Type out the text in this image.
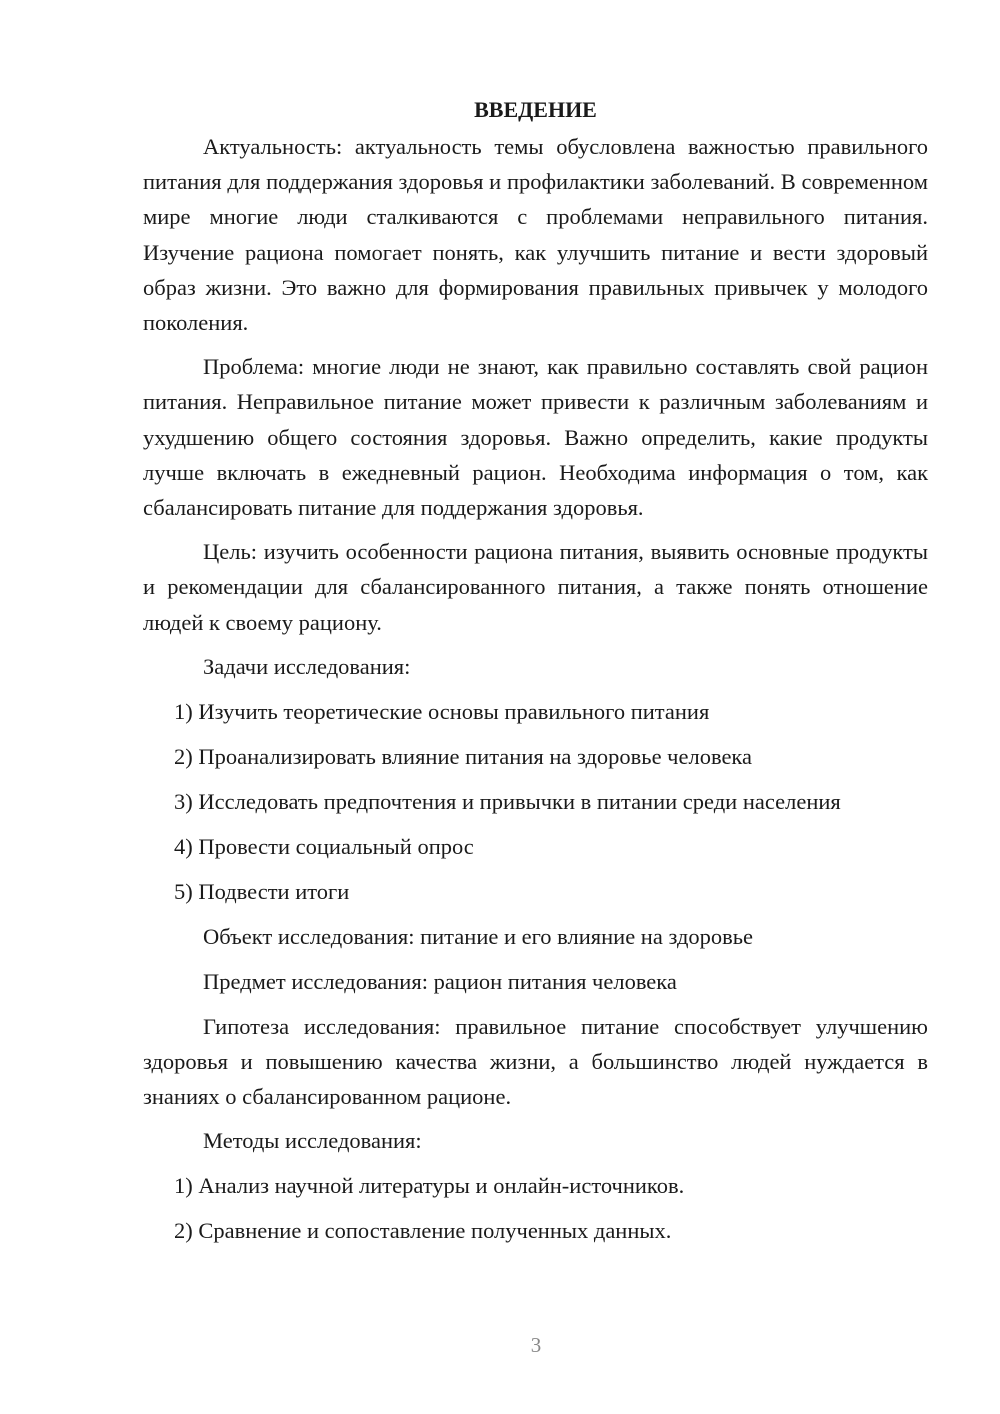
ВВЕДЕНИЕ

Актуальность: актуальность темы обусловлена важностью правильного питания для поддержания здоровья и профилактики заболеваний. В современном мире многие люди сталкиваются с проблемами неправильного питания. Изучение рациона помогает понять, как улучшить питание и вести здоровый образ жизни. Это важно для формирования правильных привычек у молодого поколения.

Проблема: многие люди не знают, как правильно составлять свой рацион питания. Неправильное питание может привести к различным заболеваниям и ухудшению общего состояния здоровья. Важно определить, какие продукты лучше включать в ежедневный рацион. Необходима информация о том, как сбалансировать питание для поддержания здоровья.

Цель: изучить особенности рациона питания, выявить основные продукты и рекомендации для сбалансированного питания, а также понять отношение людей к своему рациону.

Задачи исследования:

1) Изучить теоретические основы правильного питания

2) Проанализировать влияние питания на здоровье человека

3) Исследовать предпочтения и привычки в питании среди населения

4) Провести социальный опрос

5) Подвести итоги

Объект исследования: питание и его влияние на здоровье

Предмет исследования: рацион питания человека

Гипотеза исследования: правильное питание способствует улучшению здоровья и повышению качества жизни, а большинство людей нуждается в знаниях о сбалансированном рационе.

Методы исследования:

1) Анализ научной литературы и онлайн-источников.

2) Сравнение и сопоставление полученных данных.

3
